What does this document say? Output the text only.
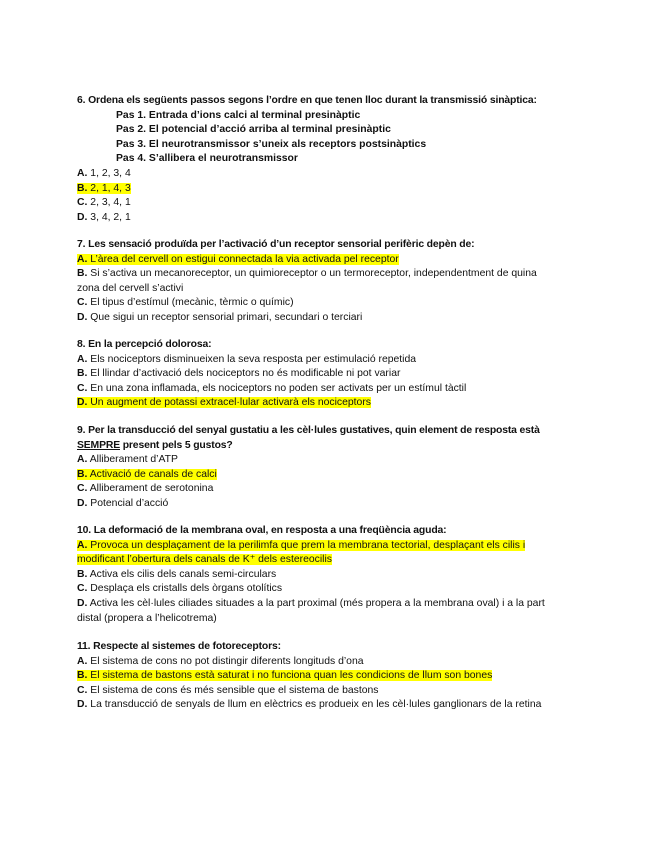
6. Ordena els següents passos segons l’ordre en que tenen lloc durant la transmissió sinàptica:
Pas 1. Entrada d’ions calci al terminal presinàptic
Pas 2. El potencial d’acció arriba al terminal presinàptic
Pas 3. El neurotransmissor s’uneix als receptors postsinàptics
Pas 4. S’allibera el neurotransmissor
A. 1, 2, 3, 4
B. 2, 1, 4, 3
C. 2, 3, 4, 1
D. 3, 4, 2, 1
7. Les sensació produïda per l’activació d’un receptor sensorial perifèric depèn de:
A. L’àrea del cervell on estigui connectada la via activada pel receptor
B. Si s’activa un mecanoreceptor, un quimioreceptor o un termoreceptor, independentment de quina
zona del cervell s’activi
C. El tipus d’estímul (mecànic, tèrmic o químic)
D. Que sigui un receptor sensorial primari, secundari o terciari
8. En la percepció dolorosa:
A. Els nociceptors disminueixen la seva resposta per estimulació repetida
B. El llindar d’activació dels nociceptors no és modificable ni pot variar
C. En una zona inflamada, els nociceptors no poden ser activats per un estímul tàctil
D. Un augment de potassi extracel·lular activarà els nociceptors
9. Per la transducció del senyal gustatiu a les cèl·lules gustatives, quin element de resposta està
SEMPRE present pels 5 gustos?
A. Alliberament d’ATP
B. Activació de canals de calci
C. Alliberament de serotonina
D. Potencial d’acció
10. La deformació de la membrana oval, en resposta a una freqüència aguda:
A. Provoca un desplaçament de la perilimfa que prem la membrana tectorial, desplaçant els cilis i
modificant l’obertura dels canals de K⁺ dels estereocilis
B. Activa els cilis dels canals semi-circulars
C. Desplaça els cristalls dels òrgans otolítics
D. Activa les cèl·lules ciliades situades a la part proximal (més propera a la membrana oval) i a la part
distal (propera a l’helicotrema)
11. Respecte al sistemes de fotoreceptors:
A. El sistema de cons no pot distingir diferents longituds d’ona
B. El sistema de bastons està saturat i no funciona quan les condicions de llum son bones
C. El sistema de cons és més sensible que el sistema de bastons
D. La transducció de senyals de llum en elèctrics es produeix en les cèl·lules ganglionars de la retina
